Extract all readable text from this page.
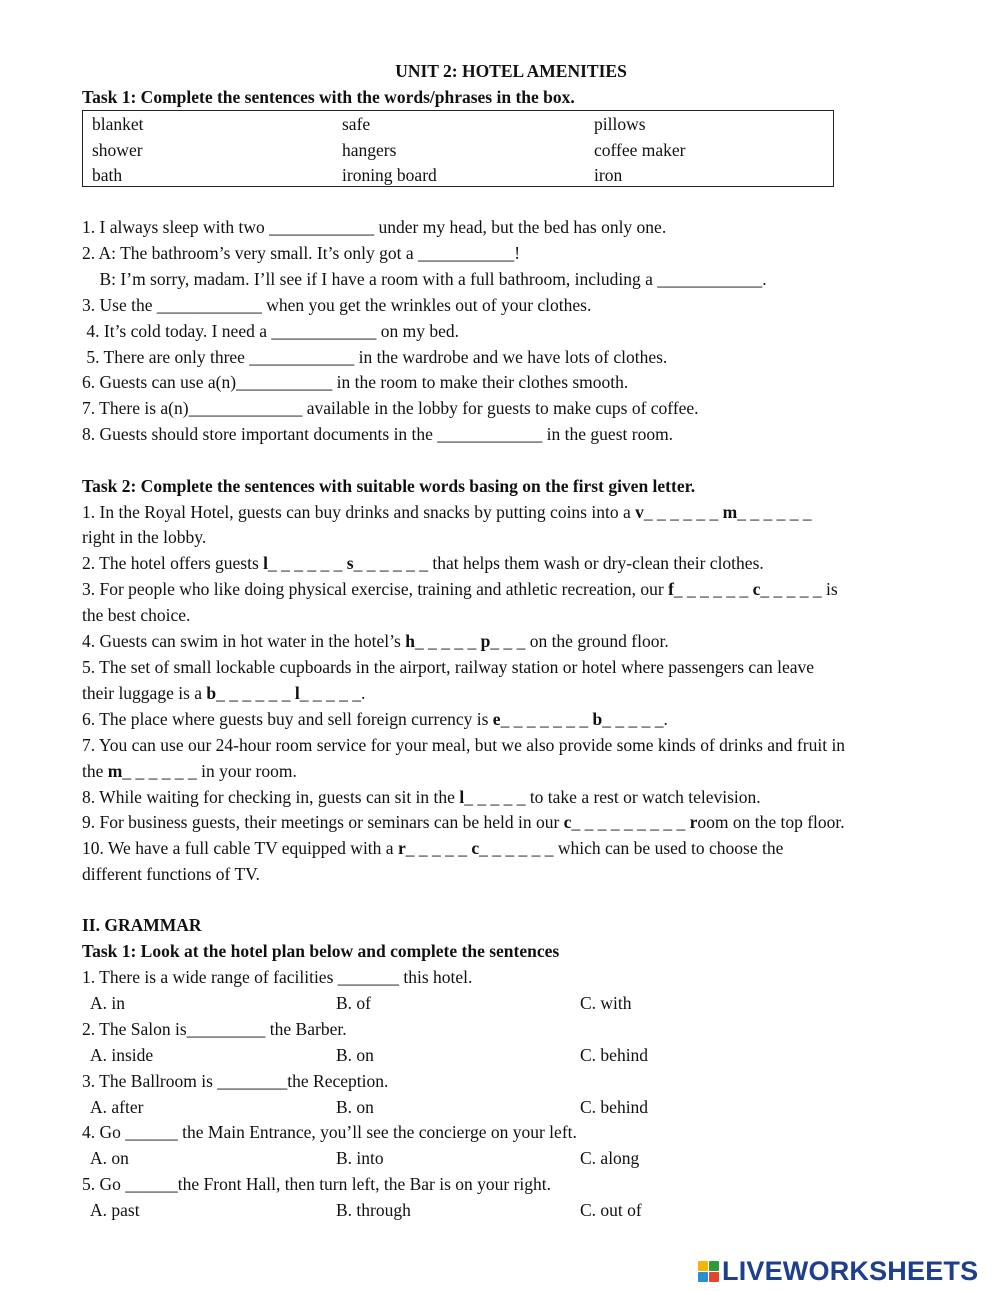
UNIT 2: HOTEL AMENITIES
Task 1: Complete the sentences with the words/phrases in the box.
blanket	safe	pillows
shower	hangers	coffee maker
bath	ironing board	iron
1. I always sleep with two ____________ under my head, but the bed has only one.
2. A: The bathroom’s very small. It’s only got a ___________!
B: I’m sorry, madam. I’ll see if I have a room with a full bathroom, including a ____________.
3. Use the ____________ when you get the wrinkles out of your clothes.
4. It’s cold today. I need a ____________ on my bed.
5. There are only three ____________ in the wardrobe and we have lots of clothes.
6. Guests can use a(n)___________ in the room to make their clothes smooth.
7. There is a(n)_____________ available in the lobby for guests to make cups of coffee.
8. Guests should store important documents in the ____________ in the guest room.
Task 2: Complete the sentences with suitable words basing on the first given letter.
1. In the Royal Hotel, guests can buy drinks and snacks by putting coins into a v_ _ _ _ _ _ m_ _ _ _ _ _
right in the lobby.
2. The hotel offers guests l_ _ _ _ _ _ s_ _ _ _ _ _ that helps them wash or dry-clean their clothes.
3. For people who like doing physical exercise, training and athletic recreation, our f_ _ _ _ _ _ c_ _ _ _ _ is
the best choice.
4. Guests can swim in hot water in the hotel’s h_ _ _ _ _ p_ _ _ on the ground floor.
5. The set of small lockable cupboards in the airport, railway station or hotel where passengers can leave
their luggage is a b_ _ _ _ _ _ l_ _ _ _ _.
6. The place where guests buy and sell foreign currency is e_ _ _ _ _ _ _ b_ _ _ _ _.
7. You can use our 24-hour room service for your meal, but we also provide some kinds of drinks and fruit in
the m_ _ _ _ _ _ in your room.
8. While waiting for checking in, guests can sit in the l_ _ _ _ _ to take a rest or watch television.
9. For business guests, their meetings or seminars can be held in our c_ _ _ _ _ _ _ _ _ room on the top floor.
10. We have a full cable TV equipped with a r_ _ _ _ _ c_ _ _ _ _ _ which can be used to choose the
different functions of TV.
II. GRAMMAR
Task 1: Look at the hotel plan below and complete the sentences
1. There is a wide range of facilities _______ this hotel.
A. in	B. of	C. with
2. The Salon is_________ the Barber.
A. inside	B. on	C. behind
3. The Ballroom is ________the Reception.
A. after	B. on	C. behind
4. Go ______ the Main Entrance, you’ll see the concierge on your left.
A. on	B. into	C. along
5. Go ______the Front Hall, then turn left, the Bar is on your right.
A. past	B. through	C. out of
LIVEWORKSHEETS
